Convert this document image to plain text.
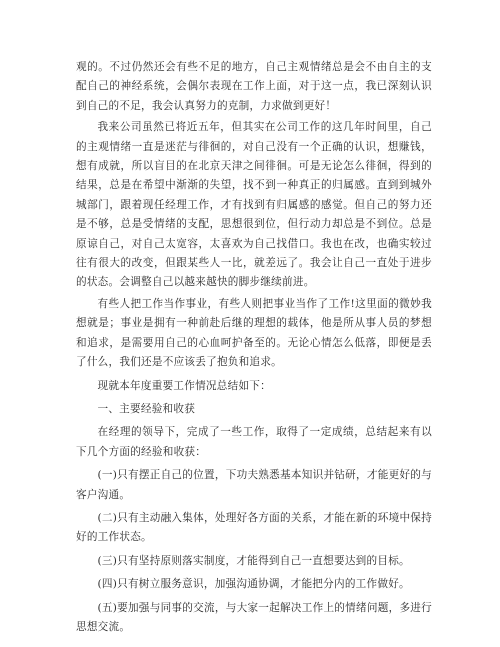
观的。不过仍然还会有些不足的地方，自己主观情绪总是会不由自主的支配自己的神经系统，会偶尔表现在工作上面，对于这一点，我已深刻认识到自己的不足，我会认真努力的克制，力求做到更好！

我来公司虽然已将近五年，但其实在公司工作的这几年时间里，自己的主观情绪一直是迷茫与徘徊的，对自己没有一个正确的认识，想赚钱，想有成就，所以盲目的在北京天津之间徘徊。可是无论怎么徘徊，得到的结果，总是在希望中渐渐的失望，找不到一种真正的归属感。直到到城外城部门，跟着现任经理工作，才有找到有归属感的感觉。但自己的努力还是不够，总是受情绪的支配，思想很到位，但行动力却总是不到位。总是原谅自己，对自己太宽容，太喜欢为自己找借口。我也在改，也确实较过往有很大的改变，但跟某些人一比，就差远了。我会让自己一直处于进步的状态。会调整自己以越来越快的脚步继续前进。

有些人把工作当作事业，有些人则把事业当作了工作!这里面的微妙我想就是；事业是拥有一种前赴后继的理想的载体，他是所从事人员的梦想和追求，是需要用自己的心血呵护备至的。无论心情怎么低落，即便是丢了什么，我们还是不应该丢了抱负和追求。

现就本年度重要工作情况总结如下：

一、主要经验和收获

在经理的领导下，完成了一些工作，取得了一定成绩，总结起来有以下几个方面的经验和收获：

(一)只有摆正自己的位置，下功夫熟悉基本知识并钻研，才能更好的与客户沟通。

(二)只有主动融入集体，处理好各方面的关系，才能在新的环境中保持好的工作状态。

(三)只有坚持原则落实制度，才能得到自己一直想要达到的目标。

(四)只有树立服务意识，加强沟通协调，才能把分内的工作做好。

(五)要加强与同事的交流，与大家一起解决工作上的情绪问题，多进行思想交流。
